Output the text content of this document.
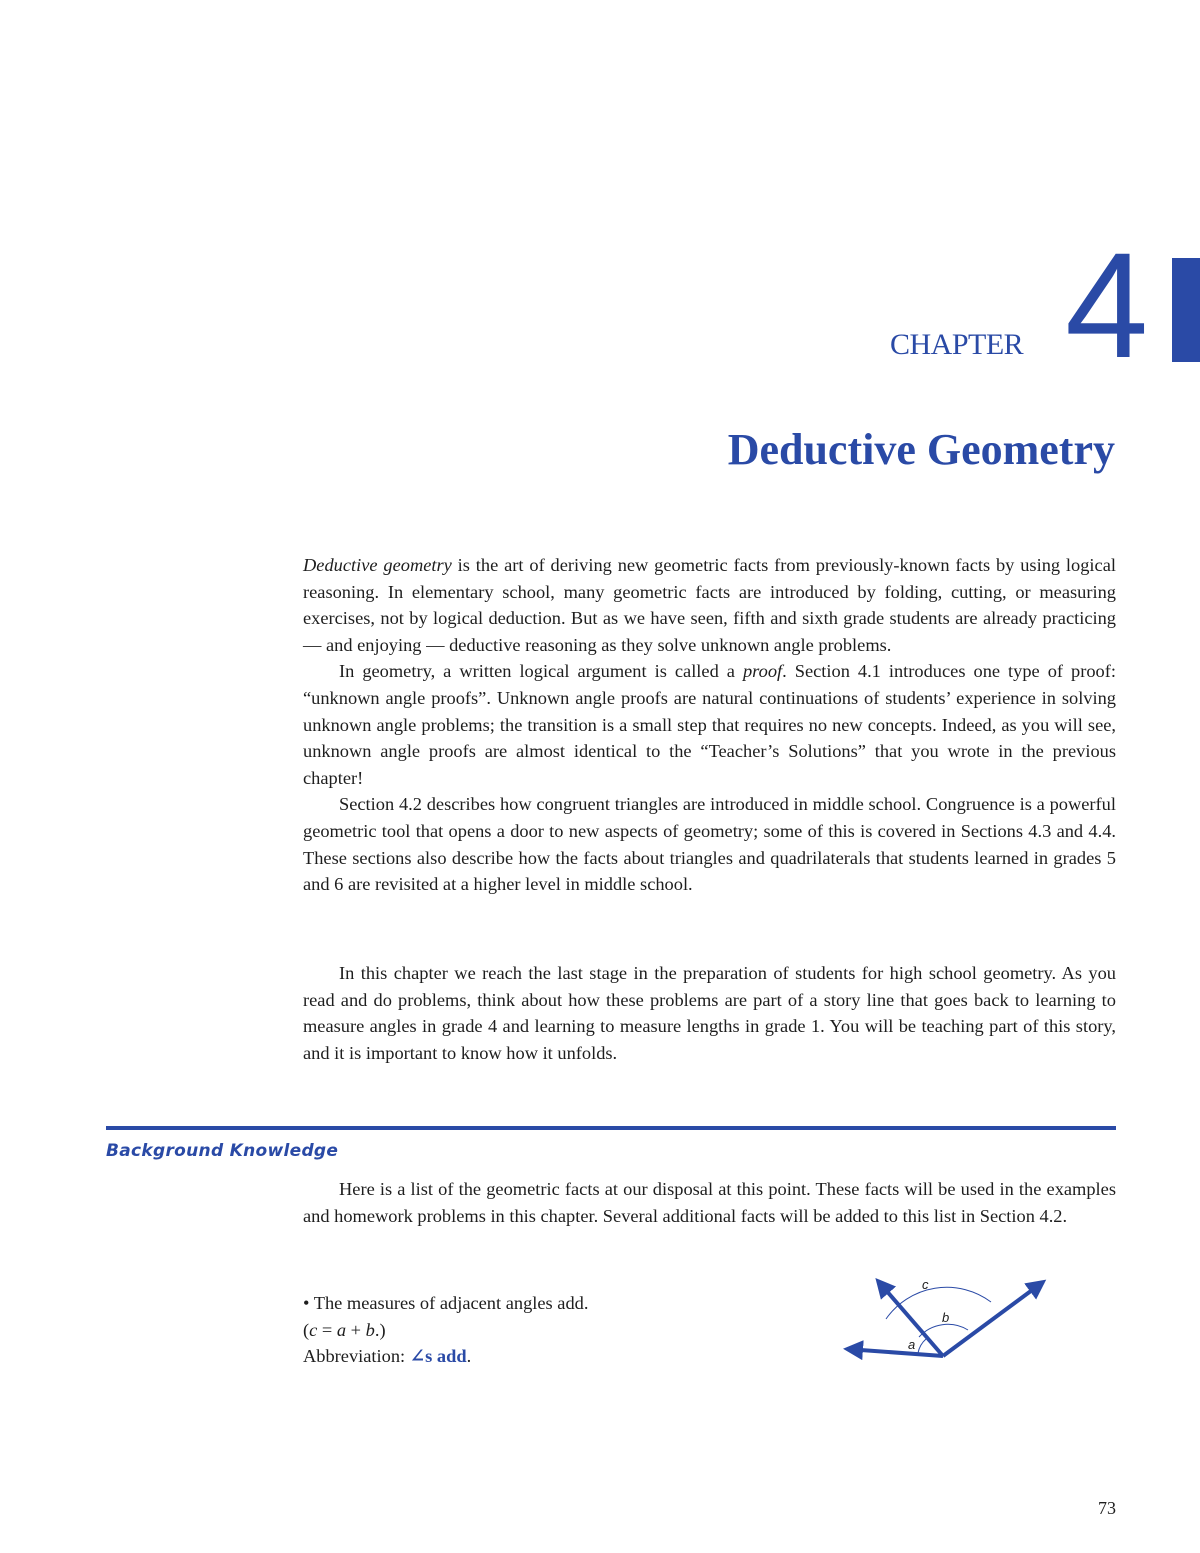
CHAPTER 4
Deductive Geometry

Deductive geometry is the art of deriving new geometric facts from previously-known facts by using logical reasoning. In elementary school, many geometric facts are introduced by folding, cutting, or measuring exercises, not by logical deduction. But as we have seen, fifth and sixth grade students are already practicing — and enjoying — deductive reasoning as they solve unknown angle problems.

In geometry, a written logical argument is called a proof. Section 4.1 introduces one type of proof: “unknown angle proofs”. Unknown angle proofs are natural continuations of students’ experience in solving unknown angle problems; the transition is a small step that requires no new concepts. Indeed, as you will see, unknown angle proofs are almost identical to the “Teacher’s Solutions” that you wrote in the previous chapter!

Section 4.2 describes how congruent triangles are introduced in middle school. Congruence is a powerful geometric tool that opens a door to new aspects of geometry; some of this is covered in Sections 4.3 and 4.4. These sections also describe how the facts about triangles and quadrilaterals that students learned in grades 5 and 6 are revisited at a higher level in middle school.

In this chapter we reach the last stage in the preparation of students for high school geometry. As you read and do problems, think about how these problems are part of a story line that goes back to learning to measure angles in grade 4 and learning to measure lengths in grade 1. You will be teaching part of this story, and it is important to know how it unfolds.

Background Knowledge

Here is a list of the geometric facts at our disposal at this point. These facts will be used in the examples and homework problems in this chapter. Several additional facts will be added to this list in Section 4.2.

• The measures of adjacent angles add.
(c = a + b.)
Abbreviation: ∠s add.
c
b
a
73
